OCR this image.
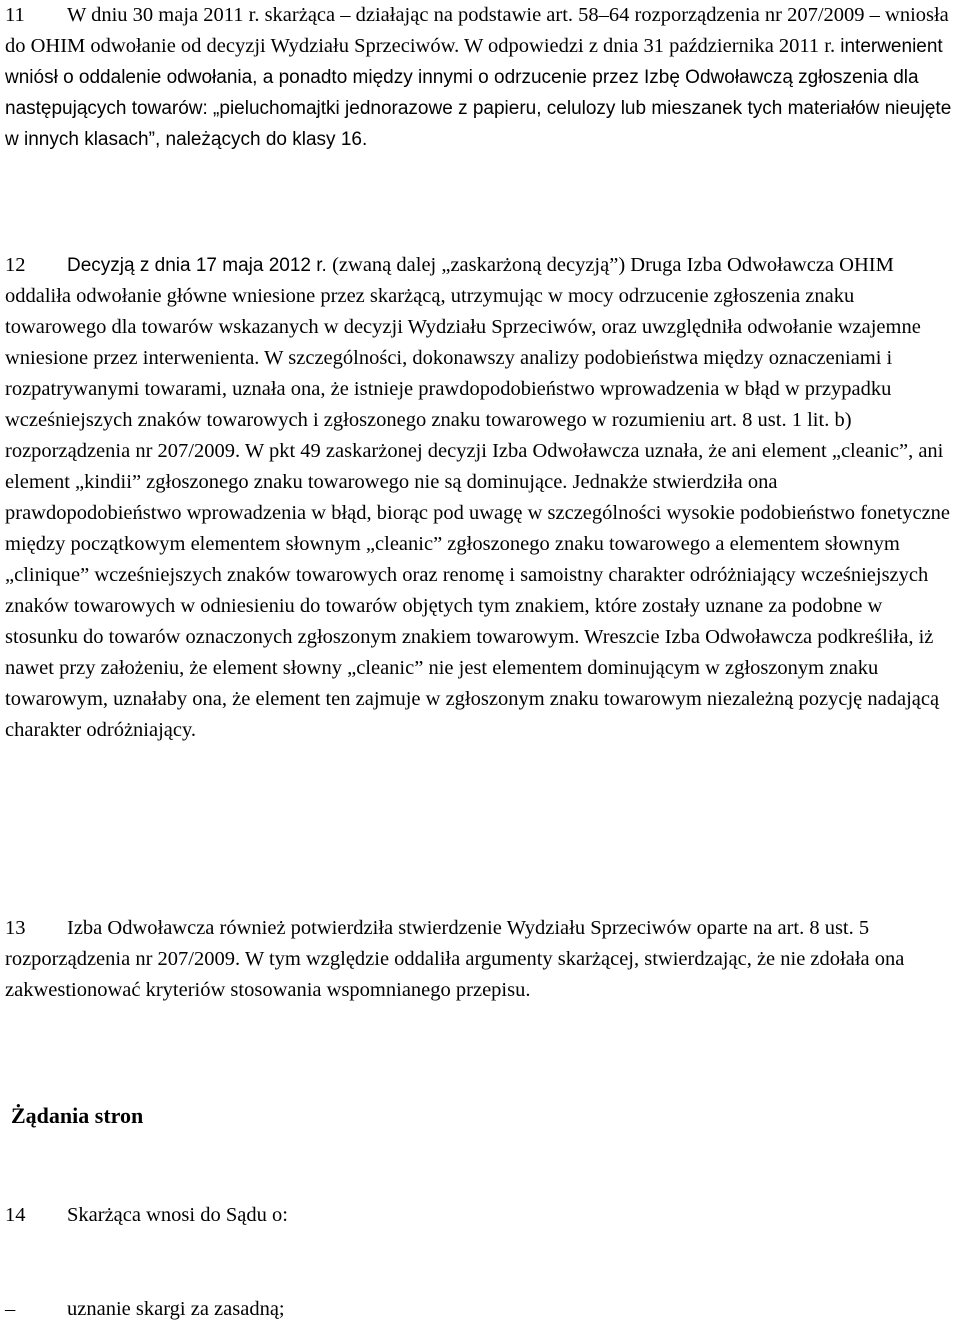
11 W dniu 30 maja 2011 r. skarżąca – działając na podstawie art. 58–64 rozporządzenia nr 207/2009 – wniosła do OHIM odwołanie od decyzji Wydziału Sprzeciwów. W odpowiedzi z dnia 31 października 2011 r. interwenient wniósł o oddalenie odwołania, a ponadto między innymi o odrzucenie przez Izbę Odwoławczą zgłoszenia dla następujących towarów: „pieluchomajtki jednorazowe z papieru, celulozy lub mieszanek tych materiałów nieujęte w innych klasach”, należących do klasy 16.

12 Decyzją z dnia 17 maja 2012 r. (zwaną dalej „zaskarżoną decyzją”) Druga Izba Odwoławcza OHIM oddaliła odwołanie główne wniesione przez skarżącą, utrzymując w mocy odrzucenie zgłoszenia znaku towarowego dla towarów wskazanych w decyzji Wydziału Sprzeciwów, oraz uwzględniła odwołanie wzajemne wniesione przez interwenienta. W szczególności, dokonawszy analizy podobieństwa między oznaczeniami i rozpatrywanymi towarami, uznała ona, że istnieje prawdopodobieństwo wprowadzenia w błąd w przypadku wcześniejszych znaków towarowych i zgłoszonego znaku towarowego w rozumieniu art. 8 ust. 1 lit. b) rozporządzenia nr 207/2009. W pkt 49 zaskarżonej decyzji Izba Odwoławcza uznała, że ani element „cleanic”, ani element „kindii” zgłoszonego znaku towarowego nie są dominujące. Jednakże stwierdziła ona prawdopodobieństwo wprowadzenia w błąd, biorąc pod uwagę w szczególności wysokie podobieństwo fonetyczne między początkowym elementem słownym „cleanic” zgłoszonego znaku towarowego a elementem słownym „clinique” wcześniejszych znaków towarowych oraz renomę i samoistny charakter odróżniający wcześniejszych znaków towarowych w odniesieniu do towarów objętych tym znakiem, które zostały uznane za podobne w stosunku do towarów oznaczonych zgłoszonym znakiem towarowym. Wreszcie Izba Odwoławcza podkreśliła, iż nawet przy założeniu, że element słowny „cleanic” nie jest elementem dominującym w zgłoszonym znaku towarowym, uznałaby ona, że element ten zajmuje w zgłoszonym znaku towarowym niezależną pozycję nadającą charakter odróżniający.

13 Izba Odwoławcza również potwierdziła stwierdzenie Wydziału Sprzeciwów oparte na art. 8 ust. 5 rozporządzenia nr 207/2009. W tym względzie oddaliła argumenty skarżącej, stwierdzając, że nie zdołała ona zakwestionować kryteriów stosowania wspomnianego przepisu.

Żądania stron

14 Skarżąca wnosi do Sądu o:

–	uznanie skargi za zasadną;
